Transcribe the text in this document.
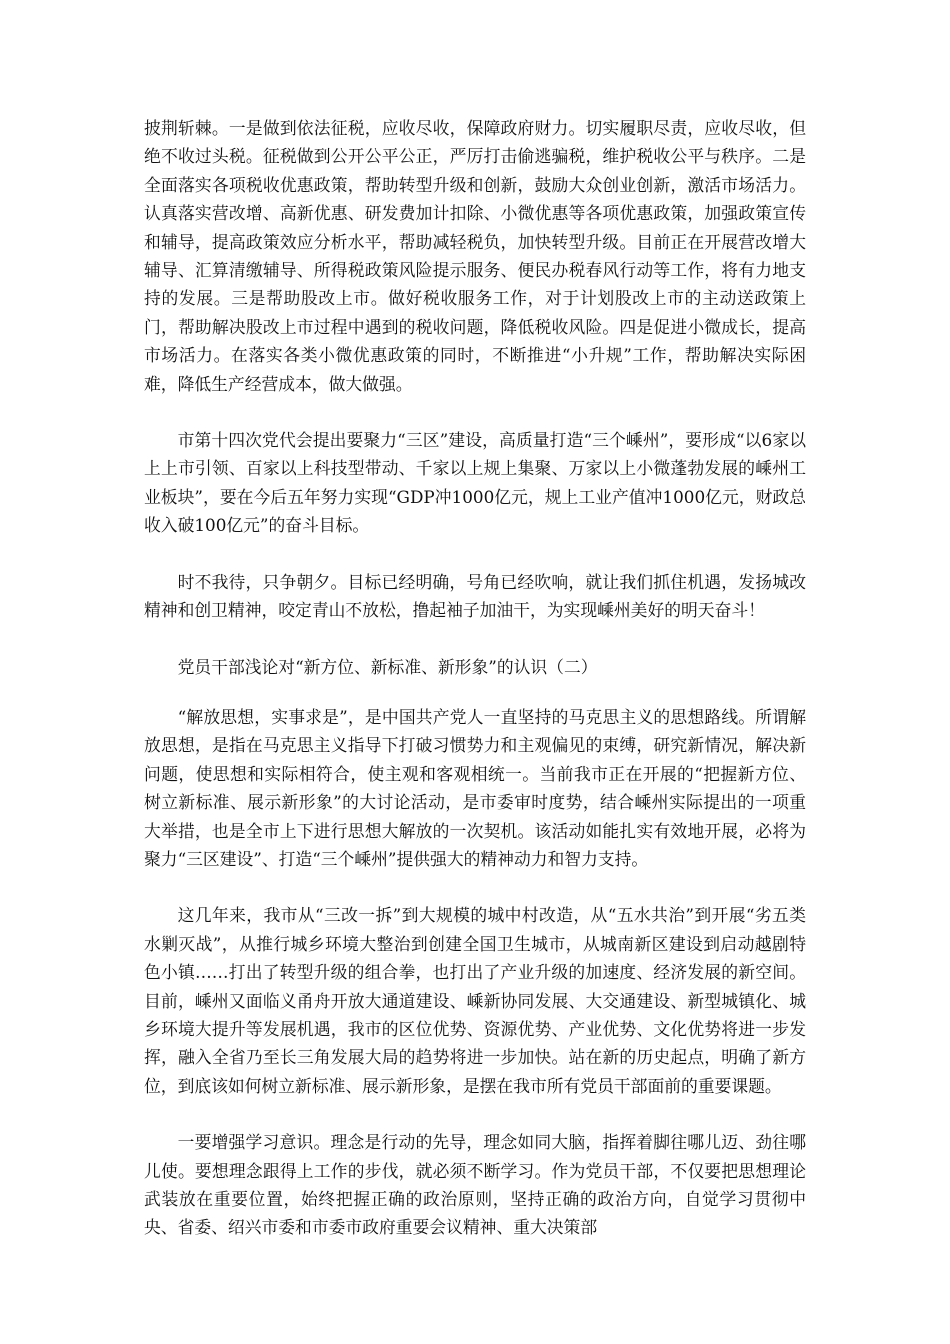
披荆斩棘。一是做到依法征税，应收尽收，保障政府财力。切实履职尽责，应收尽收，但绝不收过头税。征税做到公开公平公正，严厉打击偷逃骗税，维护税收公平与秩序。二是全面落实各项税收优惠政策，帮助转型升级和创新，鼓励大众创业创新，激活市场活力。认真落实营改增、高新优惠、研发费加计扣除、小微优惠等各项优惠政策，加强政策宣传和辅导，提高政策效应分析水平，帮助减轻税负，加快转型升级。目前正在开展营改增大辅导、汇算清缴辅导、所得税政策风险提示服务、便民办税春风行动等工作，将有力地支持的发展。三是帮助股改上市。做好税收服务工作，对于计划股改上市的主动送政策上门，帮助解决股改上市过程中遇到的税收问题，降低税收风险。四是促进小微成长，提高市场活力。在落实各类小微优惠政策的同时，不断推进“小升规”工作，帮助解决实际困难，降低生产经营成本，做大做强。

市第十四次党代会提出要聚力“三区”建设，高质量打造“三个嵊州”，要形成“以6家以上上市引领、百家以上科技型带动、千家以上规上集聚、万家以上小微蓬勃发展的嵊州工业板块”，要在今后五年努力实现“GDP冲1000亿元，规上工业产值冲1000亿元，财政总收入破100亿元”的奋斗目标。

时不我待，只争朝夕。目标已经明确，号角已经吹响，就让我们抓住机遇，发扬城改精神和创卫精神，咬定青山不放松，撸起袖子加油干，为实现嵊州美好的明天奋斗！

党员干部浅论对“新方位、新标准、新形象”的认识（二）

“解放思想，实事求是”，是中国共产党人一直坚持的马克思主义的思想路线。所谓解放思想，是指在马克思主义指导下打破习惯势力和主观偏见的束缚，研究新情况，解决新问题，使思想和实际相符合，使主观和客观相统一。当前我市正在开展的“把握新方位、树立新标准、展示新形象”的大讨论活动，是市委审时度势，结合嵊州实际提出的一项重大举措，也是全市上下进行思想大解放的一次契机。该活动如能扎实有效地开展，必将为聚力“三区建设”、打造“三个嵊州”提供强大的精神动力和智力支持。

这几年来，我市从“三改一拆”到大规模的城中村改造，从“五水共治”到开展“劣五类水剿灭战”，从推行城乡环境大整治到创建全国卫生城市，从城南新区建设到启动越剧特色小镇……打出了转型升级的组合拳，也打出了产业升级的加速度、经济发展的新空间。目前，嵊州又面临义甬舟开放大通道建设、嵊新协同发展、大交通建设、新型城镇化、城乡环境大提升等发展机遇，我市的区位优势、资源优势、产业优势、文化优势将进一步发挥，融入全省乃至长三角发展大局的趋势将进一步加快。站在新的历史起点，明确了新方位，到底该如何树立新标准、展示新形象，是摆在我市所有党员干部面前的重要课题。

一要增强学习意识。理念是行动的先导，理念如同大脑，指挥着脚往哪儿迈、劲往哪儿使。要想理念跟得上工作的步伐，就必须不断学习。作为党员干部，不仅要把思想理论武装放在重要位置，始终把握正确的政治原则，坚持正确的政治方向，自觉学习贯彻中央、省委、绍兴市委和市委市政府重要会议精神、重大决策部
